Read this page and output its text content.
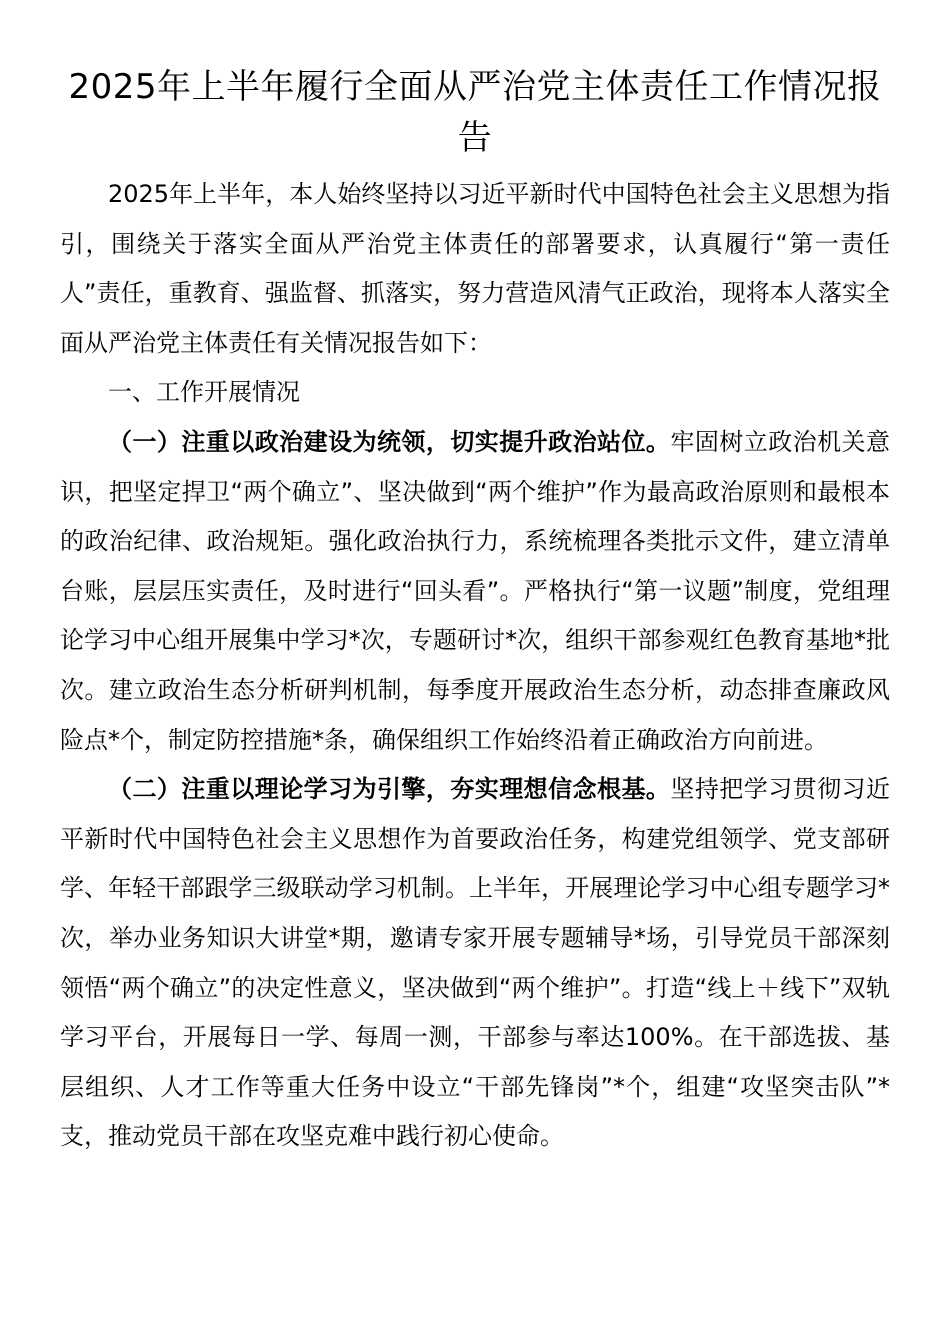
2025年上半年履行全面从严治党主体责任工作情况报告

2025年上半年，本人始终坚持以习近平新时代中国特色社会主义思想为指引，围绕关于落实全面从严治党主体责任的部署要求，认真履行“第一责任人”责任，重教育、强监督、抓落实，努力营造风清气正政治，现将本人落实全面从严治党主体责任有关情况报告如下：

一、工作开展情况

（一）注重以政治建设为统领，切实提升政治站位。牢固树立政治机关意识，把坚定捍卫“两个确立”、坚决做到“两个维护”作为最高政治原则和最根本的政治纪律、政治规矩。强化政治执行力，系统梳理各类批示文件，建立清单台账，层层压实责任，及时进行“回头看”。严格执行“第一议题”制度，党组理论学习中心组开展集中学习*次，专题研讨*次，组织干部参观红色教育基地*批次。建立政治生态分析研判机制，每季度开展政治生态分析，动态排查廉政风险点*个，制定防控措施*条，确保组织工作始终沿着正确政治方向前进。

（二）注重以理论学习为引擎，夯实理想信念根基。坚持把学习贯彻习近平新时代中国特色社会主义思想作为首要政治任务，构建党组领学、党支部研学、年轻干部跟学三级联动学习机制。上半年，开展理论学习中心组专题学习*次，举办业务知识大讲堂*期，邀请专家开展专题辅导*场，引导党员干部深刻领悟“两个确立”的决定性意义，坚决做到“两个维护”。打造“线上＋线下”双轨学习平台，开展每日一学、每周一测，干部参与率达100%。在干部选拔、基层组织、人才工作等重大任务中设立“干部先锋岗”*个，组建“攻坚突击队”*支，推动党员干部在攻坚克难中践行初心使命。
